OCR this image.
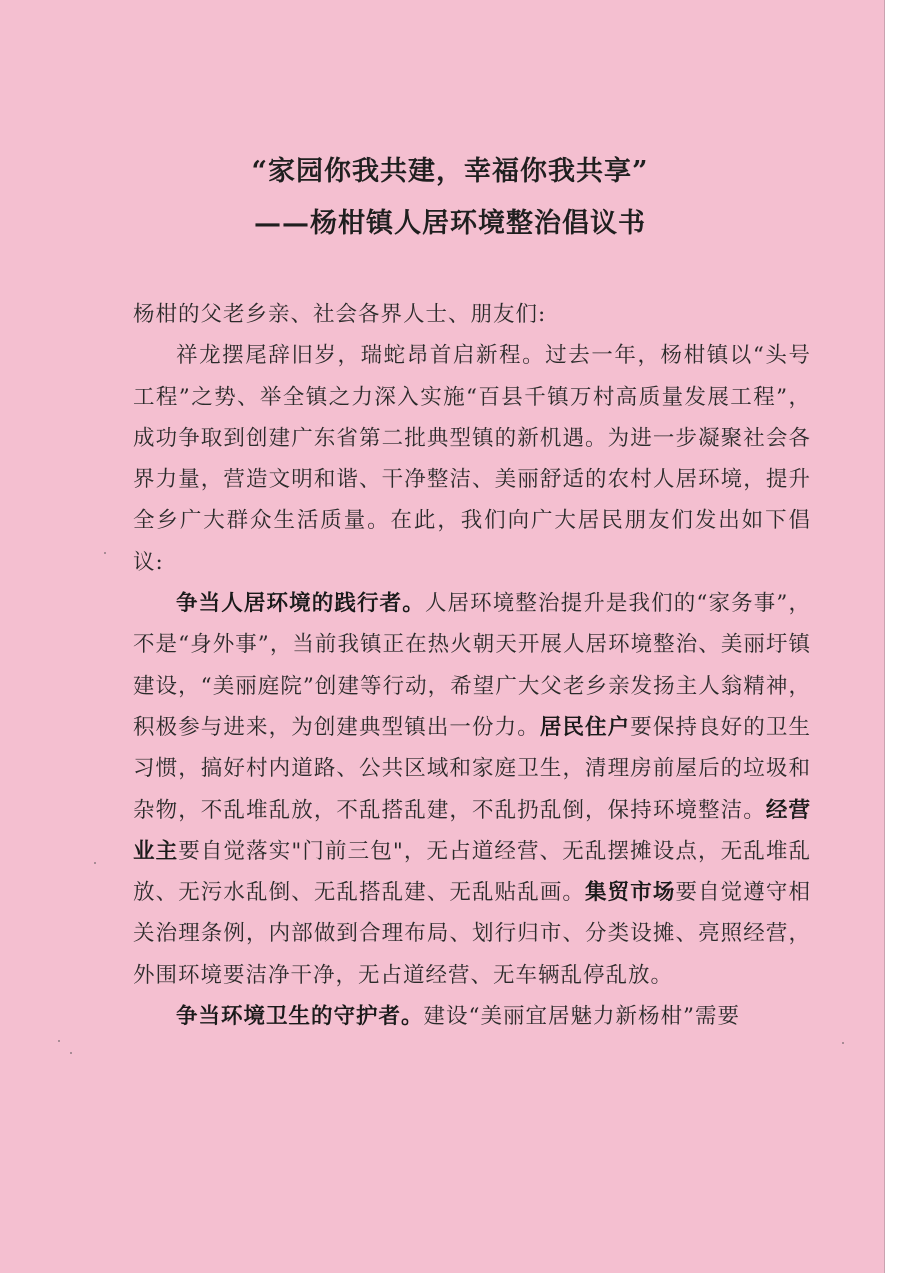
“家园你我共建，幸福你我共享”
——杨柑镇人居环境整治倡议书

杨柑的父老乡亲、社会各界人士、朋友们:

祥龙摆尾辞旧岁，瑞蛇昂首启新程。过去一年，杨柑镇以“头号工程”之势、举全镇之力深入实施“百县千镇万村高质量发展工程”，成功争取到创建广东省第二批典型镇的新机遇。为进一步凝聚社会各界力量，营造文明和谐、干净整洁、美丽舒适的农村人居环境，提升全乡广大群众生活质量。在此，我们向广大居民朋友们发出如下倡议:

争当人居环境的践行者。人居环境整治提升是我们的“家务事”，不是“身外事”，当前我镇正在热火朝天开展人居环境整治、美丽圩镇建设，“美丽庭院”创建等行动，希望广大父老乡亲发扬主人翁精神，积极参与进来，为创建典型镇出一份力。居民住户要保持良好的卫生习惯，搞好村内道路、公共区域和家庭卫生，清理房前屋后的垃圾和杂物，不乱堆乱放，不乱搭乱建，不乱扔乱倒，保持环境整洁。经营业主要自觉落实"门前三包"，无占道经营、无乱摆摊设点，无乱堆乱放、无污水乱倒、无乱搭乱建、无乱贴乱画。集贸市场要自觉遵守相关治理条例，内部做到合理布局、划行归市、分类设摊、亮照经营，外围环境要洁净干净，无占道经营、无车辆乱停乱放。

争当环境卫生的守护者。建设“美丽宜居魅力新杨柑”需要
